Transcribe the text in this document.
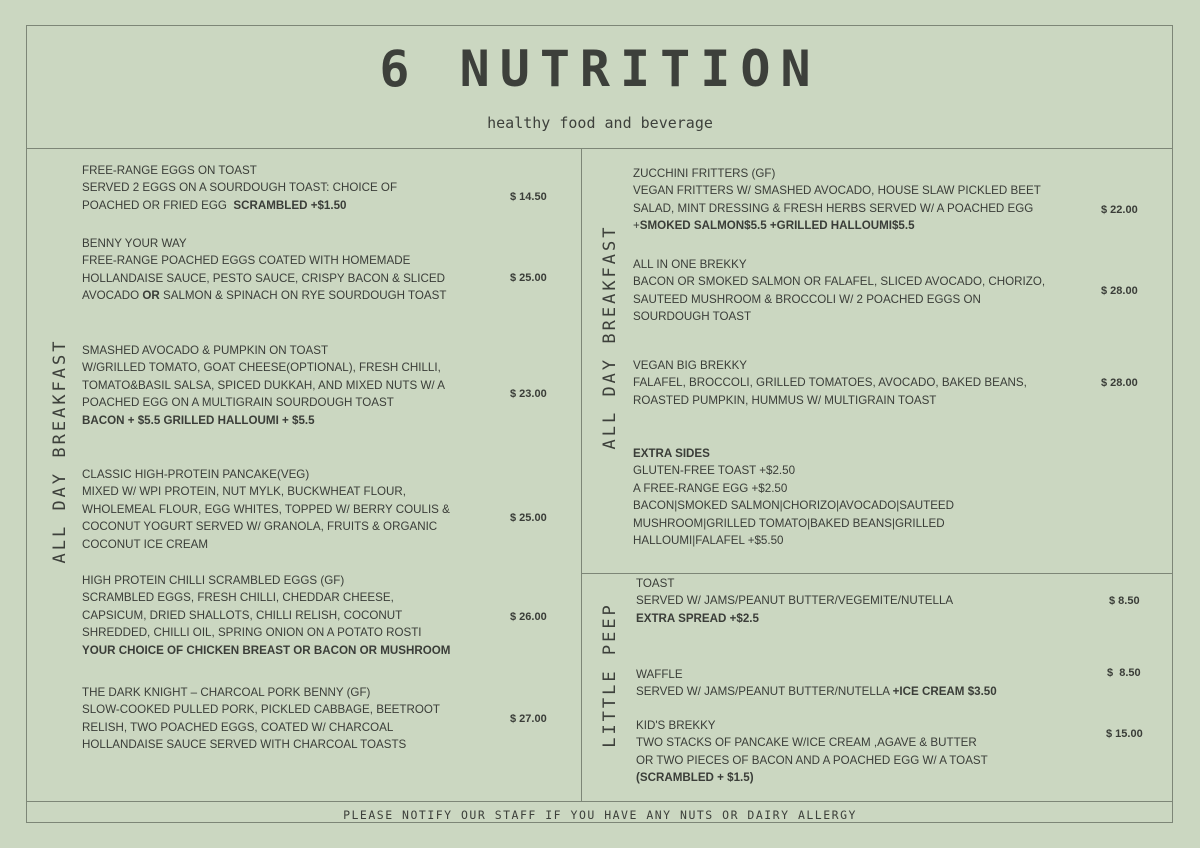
6 NUTRITION
healthy food and beverage
ALL DAY BREAKFAST
ALL DAY BREAKFAST
LITTLE PEEP
FREE-RANGE EGGS ON TOAST
SERVED 2 EGGS ON A SOURDOUGH TOAST: CHOICE OF
POACHED OR FRIED EGG SCRAMBLED +$1.50
$ 14.50
BENNY YOUR WAY
FREE-RANGE POACHED EGGS COATED WITH HOMEMADE
HOLLANDAISE SAUCE, PESTO SAUCE, CRISPY BACON & SLICED
AVOCADO OR SALMON & SPINACH ON RYE SOURDOUGH TOAST
$ 25.00
SMASHED AVOCADO & PUMPKIN ON TOAST
W/GRILLED TOMATO, GOAT CHEESE(OPTIONAL), FRESH CHILLI,
TOMATO&BASIL SALSA, SPICED DUKKAH, AND MIXED NUTS W/ A
POACHED EGG ON A MULTIGRAIN SOURDOUGH TOAST
BACON + $5.5 GRILLED HALLOUMI + $5.5
$ 23.00
CLASSIC HIGH-PROTEIN PANCAKE(VEG)
MIXED W/ WPI PROTEIN, NUT MYLK, BUCKWHEAT FLOUR,
WHOLEMEAL FLOUR, EGG WHITES, TOPPED W/ BERRY COULIS &
COCONUT YOGURT SERVED W/ GRANOLA, FRUITS & ORGANIC
COCONUT ICE CREAM
$ 25.00
HIGH PROTEIN CHILLI SCRAMBLED EGGS (GF)
SCRAMBLED EGGS, FRESH CHILLI, CHEDDAR CHEESE,
CAPSICUM, DRIED SHALLOTS, CHILLI RELISH, COCONUT
SHREDDED, CHILLI OIL, SPRING ONION ON A POTATO ROSTI
YOUR CHOICE OF CHICKEN BREAST OR BACON OR MUSHROOM
$ 26.00
THE DARK KNIGHT – CHARCOAL PORK BENNY (GF)
SLOW-COOKED PULLED PORK, PICKLED CABBAGE, BEETROOT
RELISH, TWO POACHED EGGS, COATED W/ CHARCOAL
HOLLANDAISE SAUCE SERVED WITH CHARCOAL TOASTS
$ 27.00
ZUCCHINI FRITTERS (GF)
VEGAN FRITTERS W/ SMASHED AVOCADO, HOUSE SLAW PICKLED BEET
SALAD, MINT DRESSING & FRESH HERBS SERVED W/ A POACHED EGG
+SMOKED SALMON$5.5 +GRILLED HALLOUMI$5.5
$ 22.00
ALL IN ONE BREKKY
BACON OR SMOKED SALMON OR FALAFEL, SLICED AVOCADO, CHORIZO,
SAUTEED MUSHROOM & BROCCOLI W/ 2 POACHED EGGS ON
SOURDOUGH TOAST
$ 28.00
VEGAN BIG BREKKY
FALAFEL, BROCCOLI, GRILLED TOMATOES, AVOCADO, BAKED BEANS,
ROASTED PUMPKIN, HUMMUS W/ MULTIGRAIN TOAST
$ 28.00
EXTRA SIDES
GLUTEN-FREE TOAST +$2.50
A FREE-RANGE EGG +$2.50
BACON|SMOKED SALMON|CHORIZO|AVOCADO|SAUTEED
MUSHROOM|GRILLED TOMATO|BAKED BEANS|GRILLED
HALLOUMI|FALAFEL +$5.50
TOAST
SERVED W/ JAMS/PEANUT BUTTER/VEGEMITE/NUTELLA
EXTRA SPREAD +$2.5
$ 8.50
WAFFLE
SERVED W/ JAMS/PEANUT BUTTER/NUTELLA +ICE CREAM $3.50
$  8.50
KID'S BREKKY
TWO STACKS OF PANCAKE W/ICE CREAM ,AGAVE & BUTTER
OR TWO PIECES OF BACON AND A POACHED EGG W/ A TOAST
(SCRAMBLED + $1.5)
$ 15.00
PLEASE NOTIFY OUR STAFF IF YOU HAVE ANY NUTS OR DAIRY ALLERGY
